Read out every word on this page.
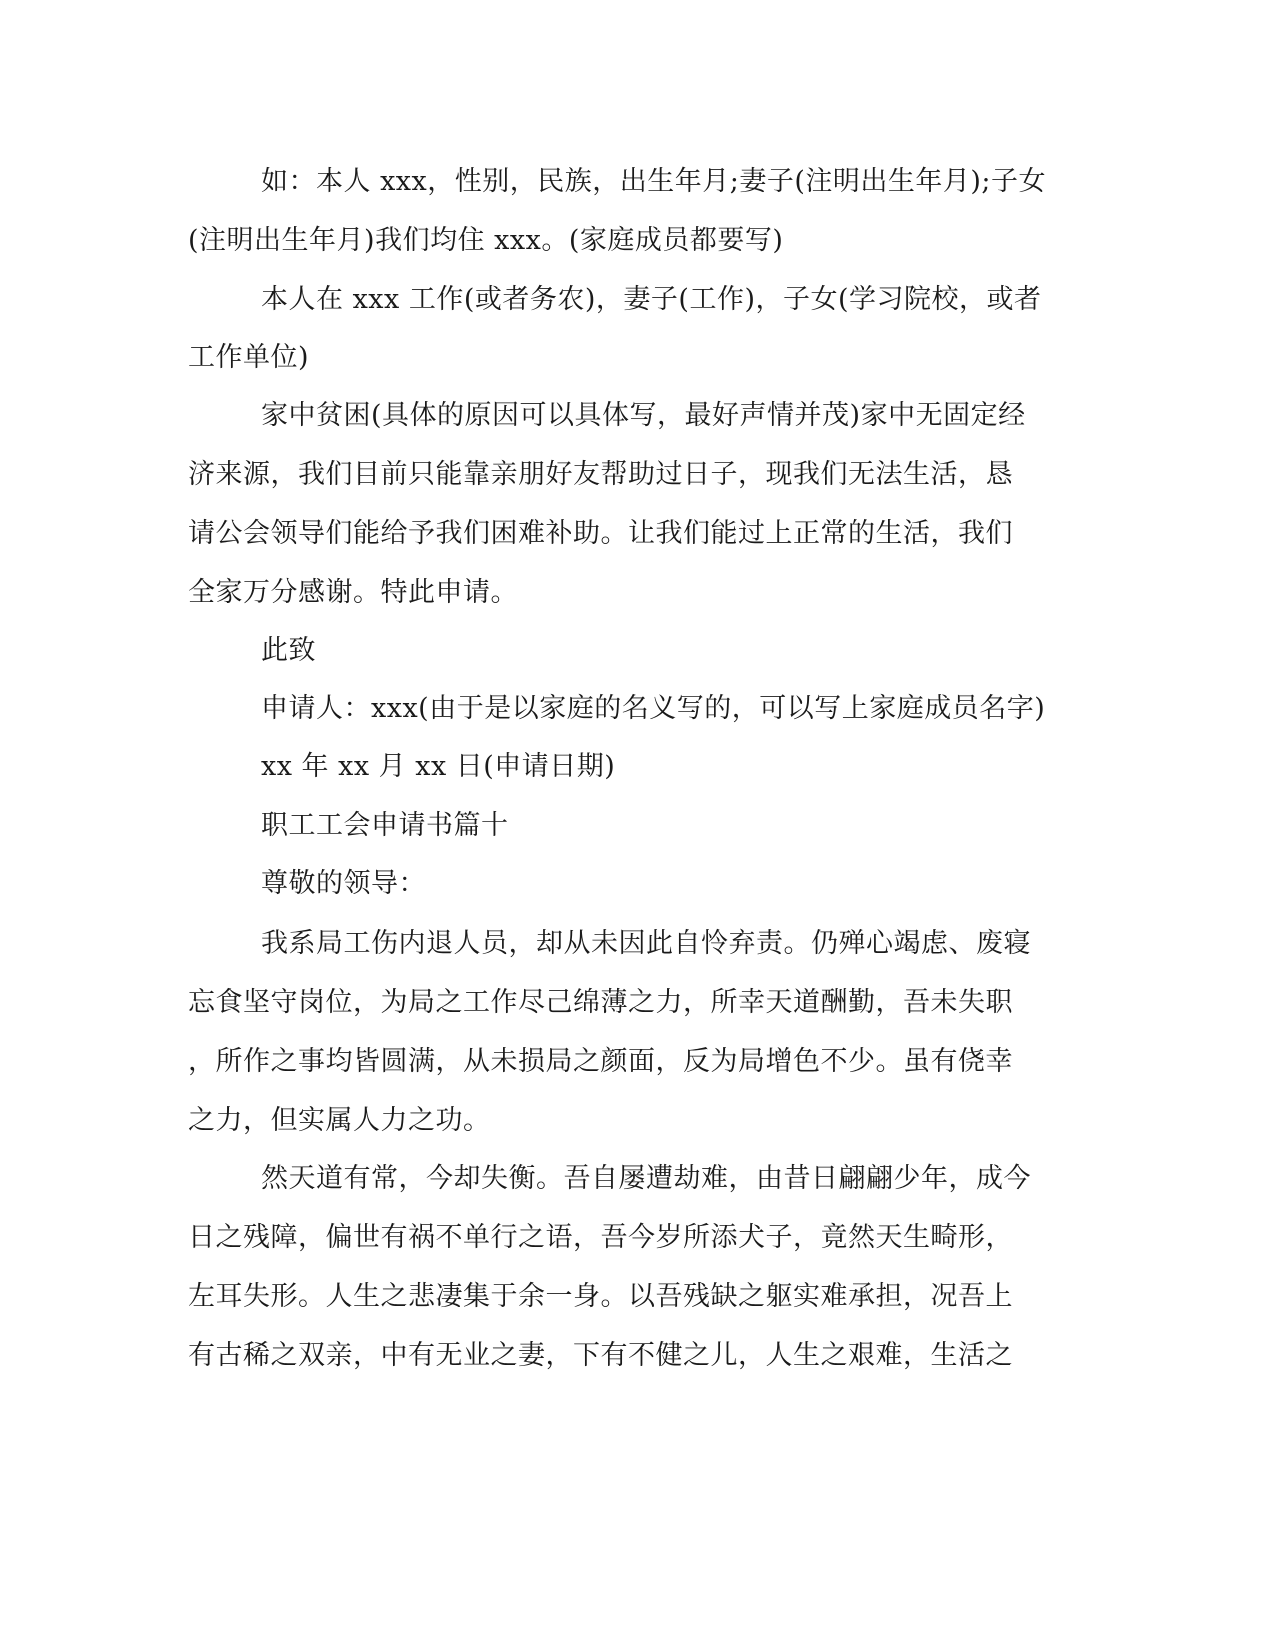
如：本人 xxx，性别，民族，出生年月;妻子(注明出生年月);子女
(注明出生年月)我们均住 xxx。(家庭成员都要写)
本人在 xxx 工作(或者务农)，妻子(工作)，子女(学习院校，或者
工作单位)
家中贫困(具体的原因可以具体写，最好声情并茂)家中无固定经
济来源，我们目前只能靠亲朋好友帮助过日子，现我们无法生活，恳
请公会领导们能给予我们困难补助。让我们能过上正常的生活，我们
全家万分感谢。特此申请。
此致
申请人：xxx(由于是以家庭的名义写的，可以写上家庭成员名字)
xx 年 xx 月 xx 日(申请日期)
职工工会申请书篇十
尊敬的领导：
我系局工伤内退人员，却从未因此自怜弃责。仍殚心竭虑、废寝
忘食坚守岗位，为局之工作尽己绵薄之力，所幸天道酬勤，吾未失职
，所作之事均皆圆满，从未损局之颜面，反为局增色不少。虽有侥幸
之力，但实属人力之功。
然天道有常，今却失衡。吾自屡遭劫难，由昔日翩翩少年，成今
日之残障，偏世有祸不单行之语，吾今岁所添犬子，竟然天生畸形，
左耳失形。人生之悲凄集于余一身。以吾残缺之躯实难承担，况吾上
有古稀之双亲，中有无业之妻，下有不健之儿，人生之艰难，生活之
